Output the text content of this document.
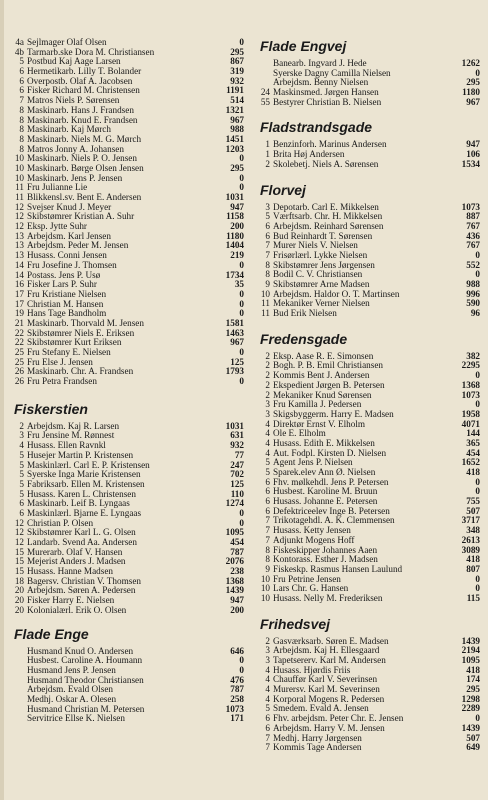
4a Sejlmager Olaf Olsen	0
4b Tarmarb.ske Dora M. Christiansen	295
5 Postbud Kaj Aage Larsen	867
6 Hermetikarb. Lilly T. Bolander	319
6 Overpostb. Olaf A. Jacobsen	932
6 Fisker Richard M. Christensen	1191
7 Matros Niels P. Sørensen	514
8 Maskinarb. Hans J. Frandsen	1321
8 Maskinarb. Knud E. Frandsen	967
8 Maskinarb. Kaj Mørch	988
8 Maskinarb. Niels M. G. Mørch	1451
8 Matros Jonny A. Johansen	1203
10 Maskinarb. Niels P. O. Jensen	0
10 Maskinarb. Børge Olsen Jensen	295
10 Maskinarb. Jens P. Jensen	0
11 Fru Julianne Lie	0
11 Blikkensl.sv. Bent E. Andersen	1031
12 Svejser Knud J. Meyer	947
12 Skibstømrer Kristian A. Suhr	1158
12 Eksp. Jytte Suhr	200
13 Arbejdsm. Karl Jensen	1180
13 Arbejdsm. Peder M. Jensen	1404
13 Husass. Conni Jensen	219
14 Fru Josefine J. Thomsen	0
14 Postass. Jens P. Usø	1734
16 Fisker Lars P. Suhr	35
17 Fru Kristiane Nielsen	0
17 Christian M. Hansen	0
19 Hans Tage Bandholm	0
21 Maskinarb. Thorvald M. Jensen	1581
22 Skibstømrer Niels E. Eriksen	1463
22 Skibstømrer Kurt Eriksen	967
25 Fru Stefany E. Nielsen	0
25 Fru Else J. Jensen	125
26 Maskinarb. Chr. A. Frandsen	1793
26 Fru Petra Frandsen	0
Fiskerstien
2 Arbejdsm. Kaj R. Larsen	1031
3 Fru Jensine M. Rønnest	631
4 Husass. Ellen Ravnkl	932
5 Husejer Martin P. Kristensen	77
5 Maskinlærl. Carl E. P. Kristensen	247
5 Syerske Inga Marie Kristensen	702
5 Fabriksarb. Ellen M. Kristensen	125
5 Husass. Karen L. Christensen	110
6 Maskinarb. Leif B. Lyngaas	1274
6 Maskinlærl. Bjarne E. Lyngaas	0
12 Christian P. Olsen	0
12 Skibstømrer Karl L. G. Olsen	1095
12 Landarb. Svend Aa. Andersen	454
15 Murerarb. Olaf V. Hansen	787
15 Mejerist Anders J. Madsen	2076
15 Husass. Hanne Madsen	238
18 Bagersv. Christian V. Thomsen	1368
20 Arbejdsm. Søren A. Pedersen	1439
20 Fisker Harry E. Nielsen	947
20 Kolonialærl. Erik O. Olsen	200
Flade Enge
Husmand Knud O. Andersen	646
Husbest. Caroline A. Houmann	0
Husmand Jens P. Jensen	0
Husmand Theodor Christiansen	476
Arbejdsm. Evald Olsen	787
Medhj. Oskar A. Olesen	258
Husmand Christian M. Petersen	1073
Servitrice Ellse K. Nielsen	171
Flade Engvej
Banearb. Ingvard J. Hede	1262
Syerske Dagny Camilla Nielsen	0
Arbejdsm. Benny Nielsen	295
24 Maskinsmed. Jørgen Hansen	1180
55 Bestyrer Christian B. Nielsen	967
Fladstrandsgade
1 Benzinforh. Marinus Andersen	947
1 Brita Høj Andersen	106
2 Skolebetj. Niels A. Sørensen	1534
Florvej
3 Depotarb. Carl E. Mikkelsen	1073
5 Værftsarb. Chr. H. Mikkelsen	887
6 Arbejdsm. Reinhard Sørensen	767
6 Bud Reinhardt T. Sørensen	436
7 Murer Niels V. Nielsen	767
7 Frisørlærl. Lykke Nielsen	0
8 Skibstømrer Jens Jørgensen	552
8 Bodil C. V. Christiansen	0
9 Skibstømrer Arne Madsen	988
10 Arbejdsm. Haldor O. T. Martinsen	996
11 Mekaniker Verner Nielsen	590
11 Bud Erik Nielsen	96
Fredensgade
2 Eksp. Aase R. E. Simonsen	382
2 Bogh. P. B. Emil Christiansen	2295
2 Kommis Bent J. Andersen	0
2 Ekspedient Jørgen B. Petersen	1368
2 Mekaniker Knud Sørensen	1073
3 Fru Kamilla J. Pedersen	0
3 Skigsbyggerm. Harry E. Madsen	1958
4 Direktør Ernst V. Elholm	4071
4 Ole E. Elholm	144
4 Husass. Edith E. Mikkelsen	365
4 Aut. Fodpl. Kirsten D. Nielsen	454
5 Agent Jens P. Nielsen	1652
5 Sparek.elev Ann Ø. Nielsen	418
6 Fhv. mølkehdl. Jens P. Petersen	0
6 Husbest. Karoline M. Bruun	0
6 Husass. Johanne E. Petersen	755
6 Defektriceelev Inge B. Petersen	507
7 Trikotagehdl. A. K. Clemmensen	3717
7 Husass. Ketty Jensen	348
7 Adjunkt Mogens Hoff	2613
8 Fiskeskipper Johannes Aaen	3089
8 Kontorass. Esther J. Madsen	418
9 Fiskeskp. Rasmus Hansen Laulund	807
10 Fru Petrine Jensen	0
10 Lars Chr. G. Hansen	0
10 Husass. Nelly M. Frederiksen	115
Frihedsvej
2 Gasværksarb. Søren E. Madsen	1439
3 Arbejdsm. Kaj H. Ellesgaard	2194
3 Tapetsererv. Karl M. Andersen	1095
4 Husass. Hjørdis Friis	418
4 Chauffør Karl V. Severinsen	174
4 Murersv. Karl M. Severinsen	295
4 Korporal Mogens R. Pedersen	1298
5 Smedem. Evald A. Jensen	2289
6 Fhv. arbejdsm. Peter Chr. E. Jensen	0
6 Arbejdsm. Harry V. M. Jensen	1439
7 Medhj. Harry Jørgensen	507
7 Kommis Tage Andersen	649
